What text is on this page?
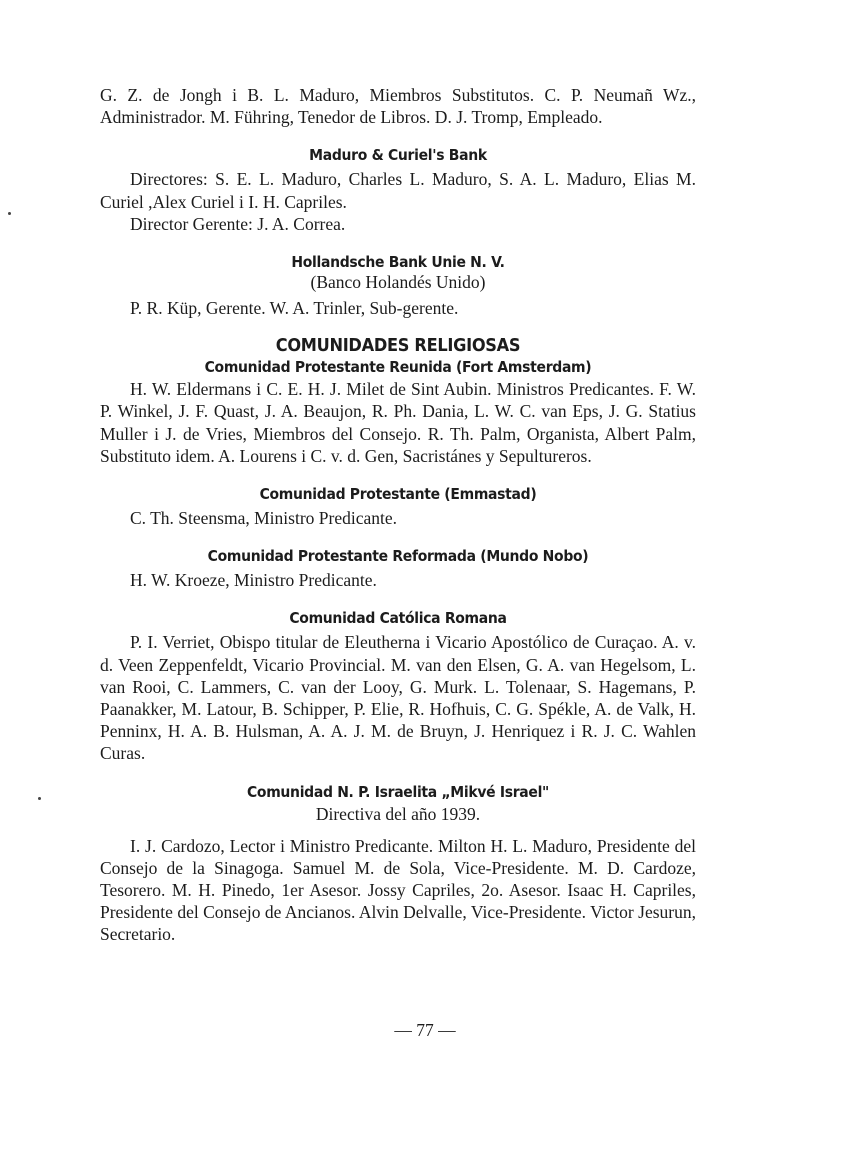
G. Z. de Jongh i B. L. Maduro, Miembros Substitutos. C. P. Neumañ Wz., Administrador. M. Führing, Tenedor de Libros. D. J. Tromp, Empleado.

Maduro & Curiel's Bank

Directores: S. E. L. Maduro, Charles L. Maduro, S. A. L. Maduro, Elias M. Curiel ,Alex Curiel i I. H. Capriles.

Director Gerente: J. A. Correa.

Hollandsche Bank Unie N. V.

(Banco Holandés Unido)

P. R. Küp, Gerente. W. A. Trinler, Sub-gerente.

COMUNIDADES RELIGIOSAS

Comunidad Protestante Reunida (Fort Amsterdam)

H. W. Eldermans i C. E. H. J. Milet de Sint Aubin. Ministros Predicantes. F. W. P. Winkel, J. F. Quast, J. A. Beaujon, R. Ph. Dania, L. W. C. van Eps, J. G. Statius Muller i J. de Vries, Miembros del Consejo. R. Th. Palm, Organista, Albert Palm, Substituto idem. A. Lourens i C. v. d. Gen, Sacristánes y Sepultureros.

Comunidad Protestante (Emmastad)

C. Th. Steensma, Ministro Predicante.

Comunidad Protestante Reformada (Mundo Nobo)

H. W. Kroeze, Ministro Predicante.

Comunidad Católica Romana

P. I. Verriet, Obispo titular de Eleutherna i Vicario Apostólico de Curaçao. A. v. d. Veen Zeppenfeldt, Vicario Provincial. M. van den Elsen, G. A. van Hegelsom, L. van Rooi, C. Lammers, C. van der Looy, G. Murk. L. Tolenaar, S. Hagemans, P. Paanakker, M. Latour, B. Schipper, P. Elie, R. Hofhuis, C. G. Spékle, A. de Valk, H. Penninx, H. A. B. Hulsman, A. A. J. M. de Bruyn, J. Henriquez i R. J. C. Wahlen Curas.

Comunidad N. P. Israelita „Mikvé Israel"

Directiva del año 1939.

I. J. Cardozo, Lector i Ministro Predicante. Milton H. L. Maduro, Presidente del Consejo de la Sinagoga. Samuel M. de Sola, Vice-Presidente. M. D. Cardoze, Tesorero. M. H. Pinedo, 1er Asesor. Jossy Capriles, 2o. Asesor. Isaac H. Capriles, Presidente del Consejo de Ancianos. Alvin Delvalle, Vice-Presidente. Victor Jesurun, Secretario.

— 77 —
